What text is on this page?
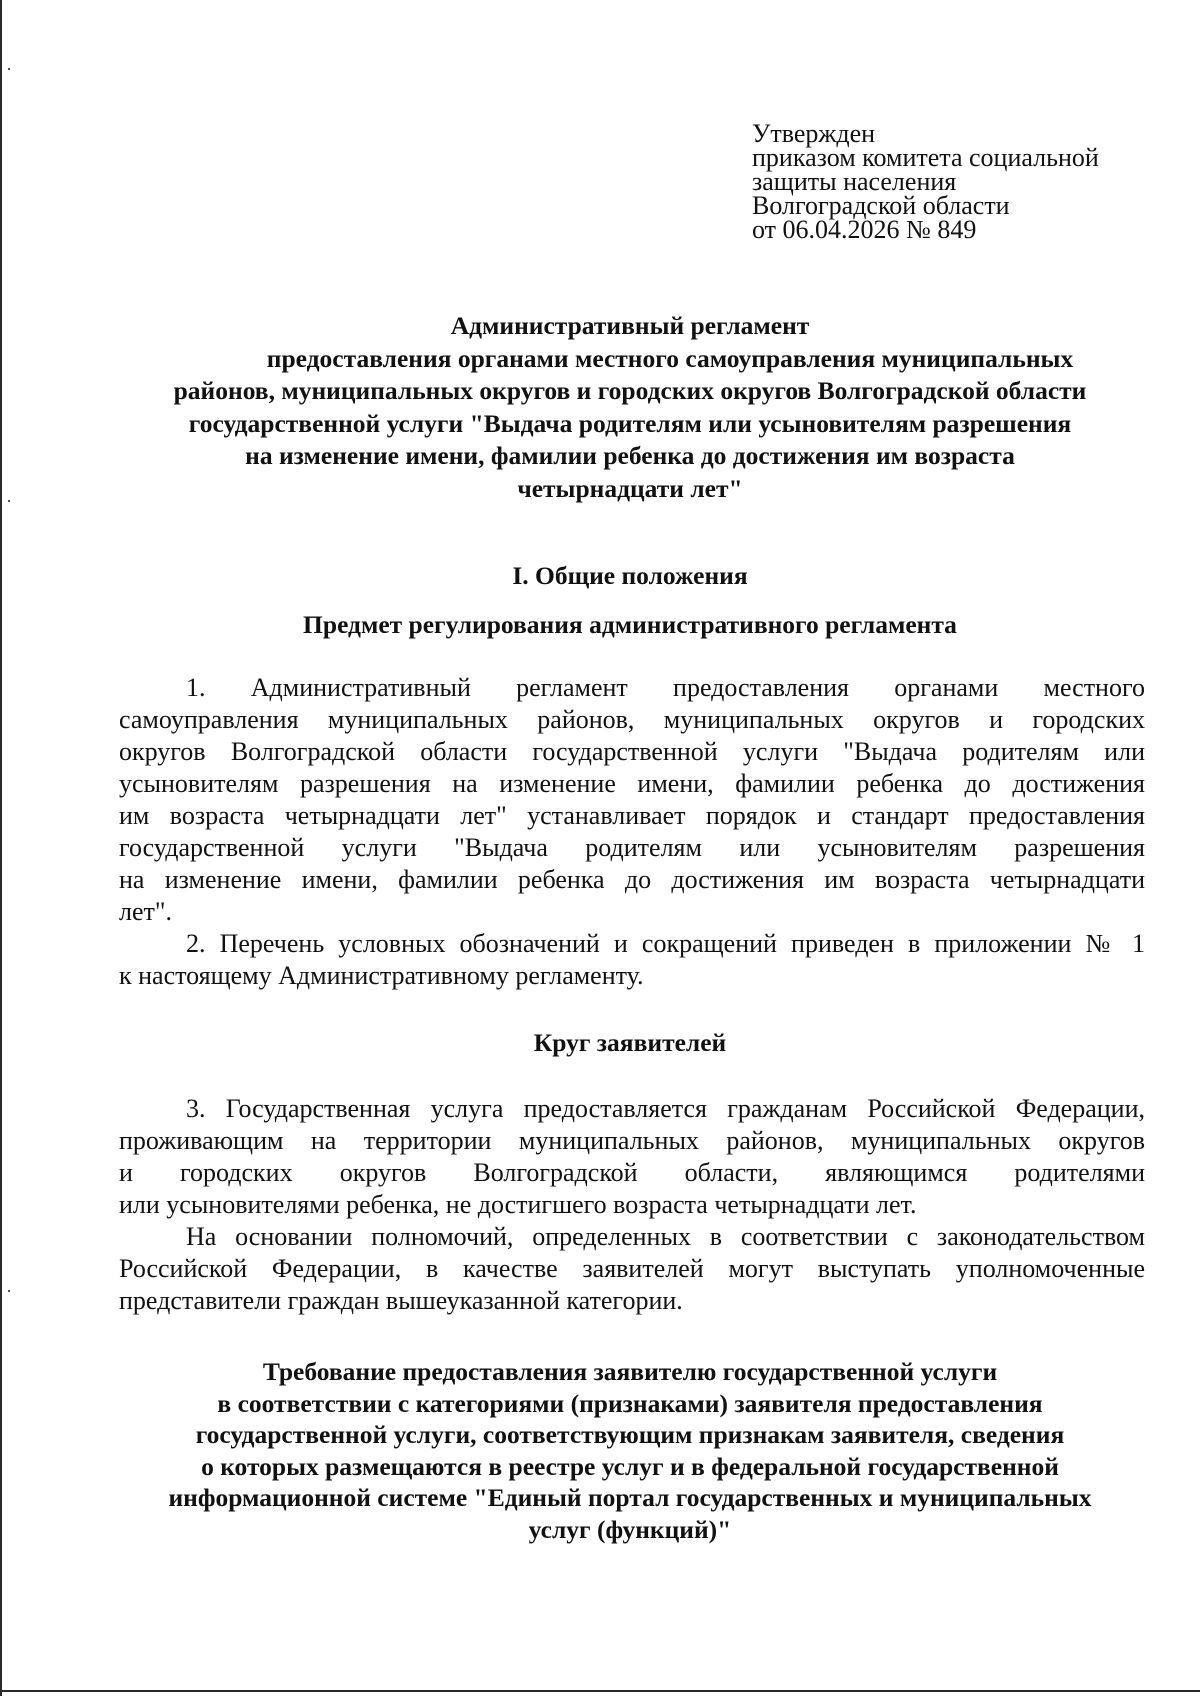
Утвержден
приказом комитета социальной
защиты населения
Волгоградской области
от 06.04.2026 № 849
Административный регламент
предоставления органами местного самоуправления муниципальных
районов, муниципальных округов и городских округов Волгоградской области
государственной услуги "Выдача родителям или усыновителям разрешения
на изменение имени, фамилии ребенка до достижения им возраста
четырнадцати лет"
I. Общие положения
Предмет регулирования административного регламента
1. Административный регламент предоставления органами местного
самоуправления муниципальных районов, муниципальных округов и городских
округов Волгоградской области государственной услуги "Выдача родителям или
усыновителям разрешения на изменение имени, фамилии ребенка до достижения
им возраста четырнадцати лет" устанавливает порядок и стандарт предоставления
государственной услуги "Выдача родителям или усыновителям разрешения
на изменение имени, фамилии ребенка до достижения им возраста четырнадцати
лет".
2. Перечень условных обозначений и сокращений приведен в приложении № 1
к настоящему Административному регламенту.
Круг заявителей
3. Государственная услуга предоставляется гражданам Российской Федерации,
проживающим на территории муниципальных районов, муниципальных округов
и городских округов Волгоградской области, являющимся родителями
или усыновителями ребенка, не достигшего возраста четырнадцати лет.
На основании полномочий, определенных в соответствии с законодательством
Российской Федерации, в качестве заявителей могут выступать уполномоченные
представители граждан вышеуказанной категории.
Требование предоставления заявителю государственной услуги
в соответствии с категориями (признаками) заявителя предоставления
государственной услуги, соответствующим признакам заявителя, сведения
о которых размещаются в реестре услуг и в федеральной государственной
информационной системе "Единый портал государственных и муниципальных
услуг (функций)"
